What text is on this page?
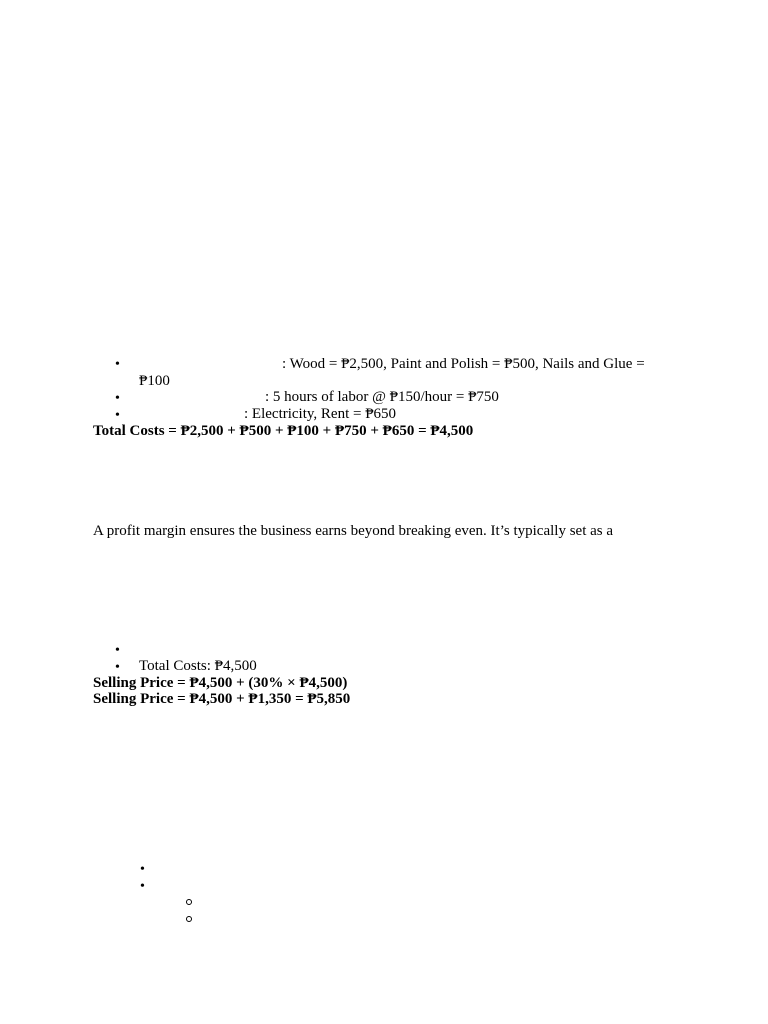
•	: Wood = ₱2,500, Paint and Polish = ₱500, Nails and Glue =
₱100
•	: 5 hours of labor @ ₱150/hour = ₱750
•	: Electricity, Rent = ₱650
Total Costs = ₱2,500 + ₱500 + ₱100 + ₱750 + ₱650 = ₱4,500
A profit margin ensures the business earns beyond breaking even. It’s typically set as a
•
• Total Costs: ₱4,500
Selling Price = ₱4,500 + (30% × ₱4,500)
Selling Price = ₱4,500 + ₱1,350 = ₱5,850
•
•
